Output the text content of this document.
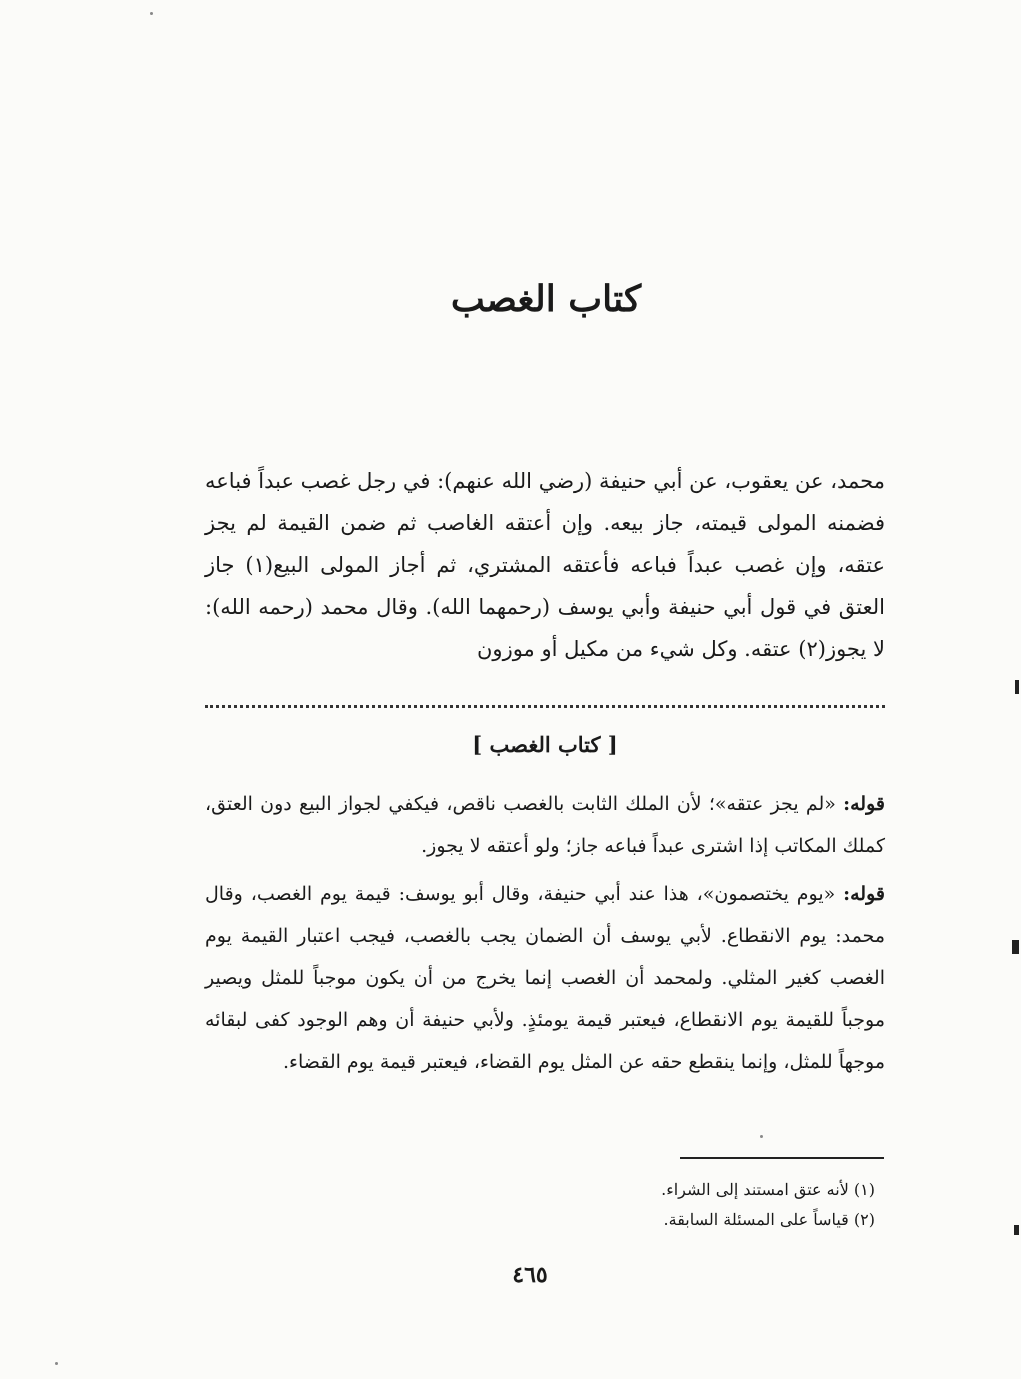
كتاب الغصب

محمد، عن يعقوب، عن أبي حنيفة (رضي الله عنهم): في رجل غصب عبداً فباعه فضمنه المولى قيمته، جاز بيعه. وإن أعتقه الغاصب ثم ضمن القيمة لم يجز عتقه، وإن غصب عبداً فباعه فأعتقه المشتري، ثم أجاز المولى البيع(١) جاز العتق في قول أبي حنيفة وأبي يوسف (رحمهما الله). وقال محمد (رحمه الله): لا يجوز(٢) عتقه. وكل شيء من مكيل أو موزون

[ كتاب الغصب ]

قوله: «لم يجز عتقه»؛ لأن الملك الثابت بالغصب ناقص، فيكفي لجواز البيع دون العتق، كملك المكاتب إذا اشترى عبداً فباعه جاز؛ ولو أعتقه لا يجوز.

قوله: «يوم يختصمون»، هذا عند أبي حنيفة، وقال أبو يوسف: قيمة يوم الغصب، وقال محمد: يوم الانقطاع. لأبي يوسف أن الضمان يجب بالغصب، فيجب اعتبار القيمة يوم الغصب كغير المثلي. ولمحمد أن الغصب إنما يخرج من أن يكون موجباً للمثل ويصير موجباً للقيمة يوم الانقطاع، فيعتبر قيمة يومئذٍ. ولأبي حنيفة أن وهم الوجود كفى لبقائه موجهاً للمثل، وإنما ينقطع حقه عن المثل يوم القضاء، فيعتبر قيمة يوم القضاء.

(١) لأنه عتق امستند إلى الشراء.
(٢) قياساً على المسئلة السابقة.
٤٦٥
